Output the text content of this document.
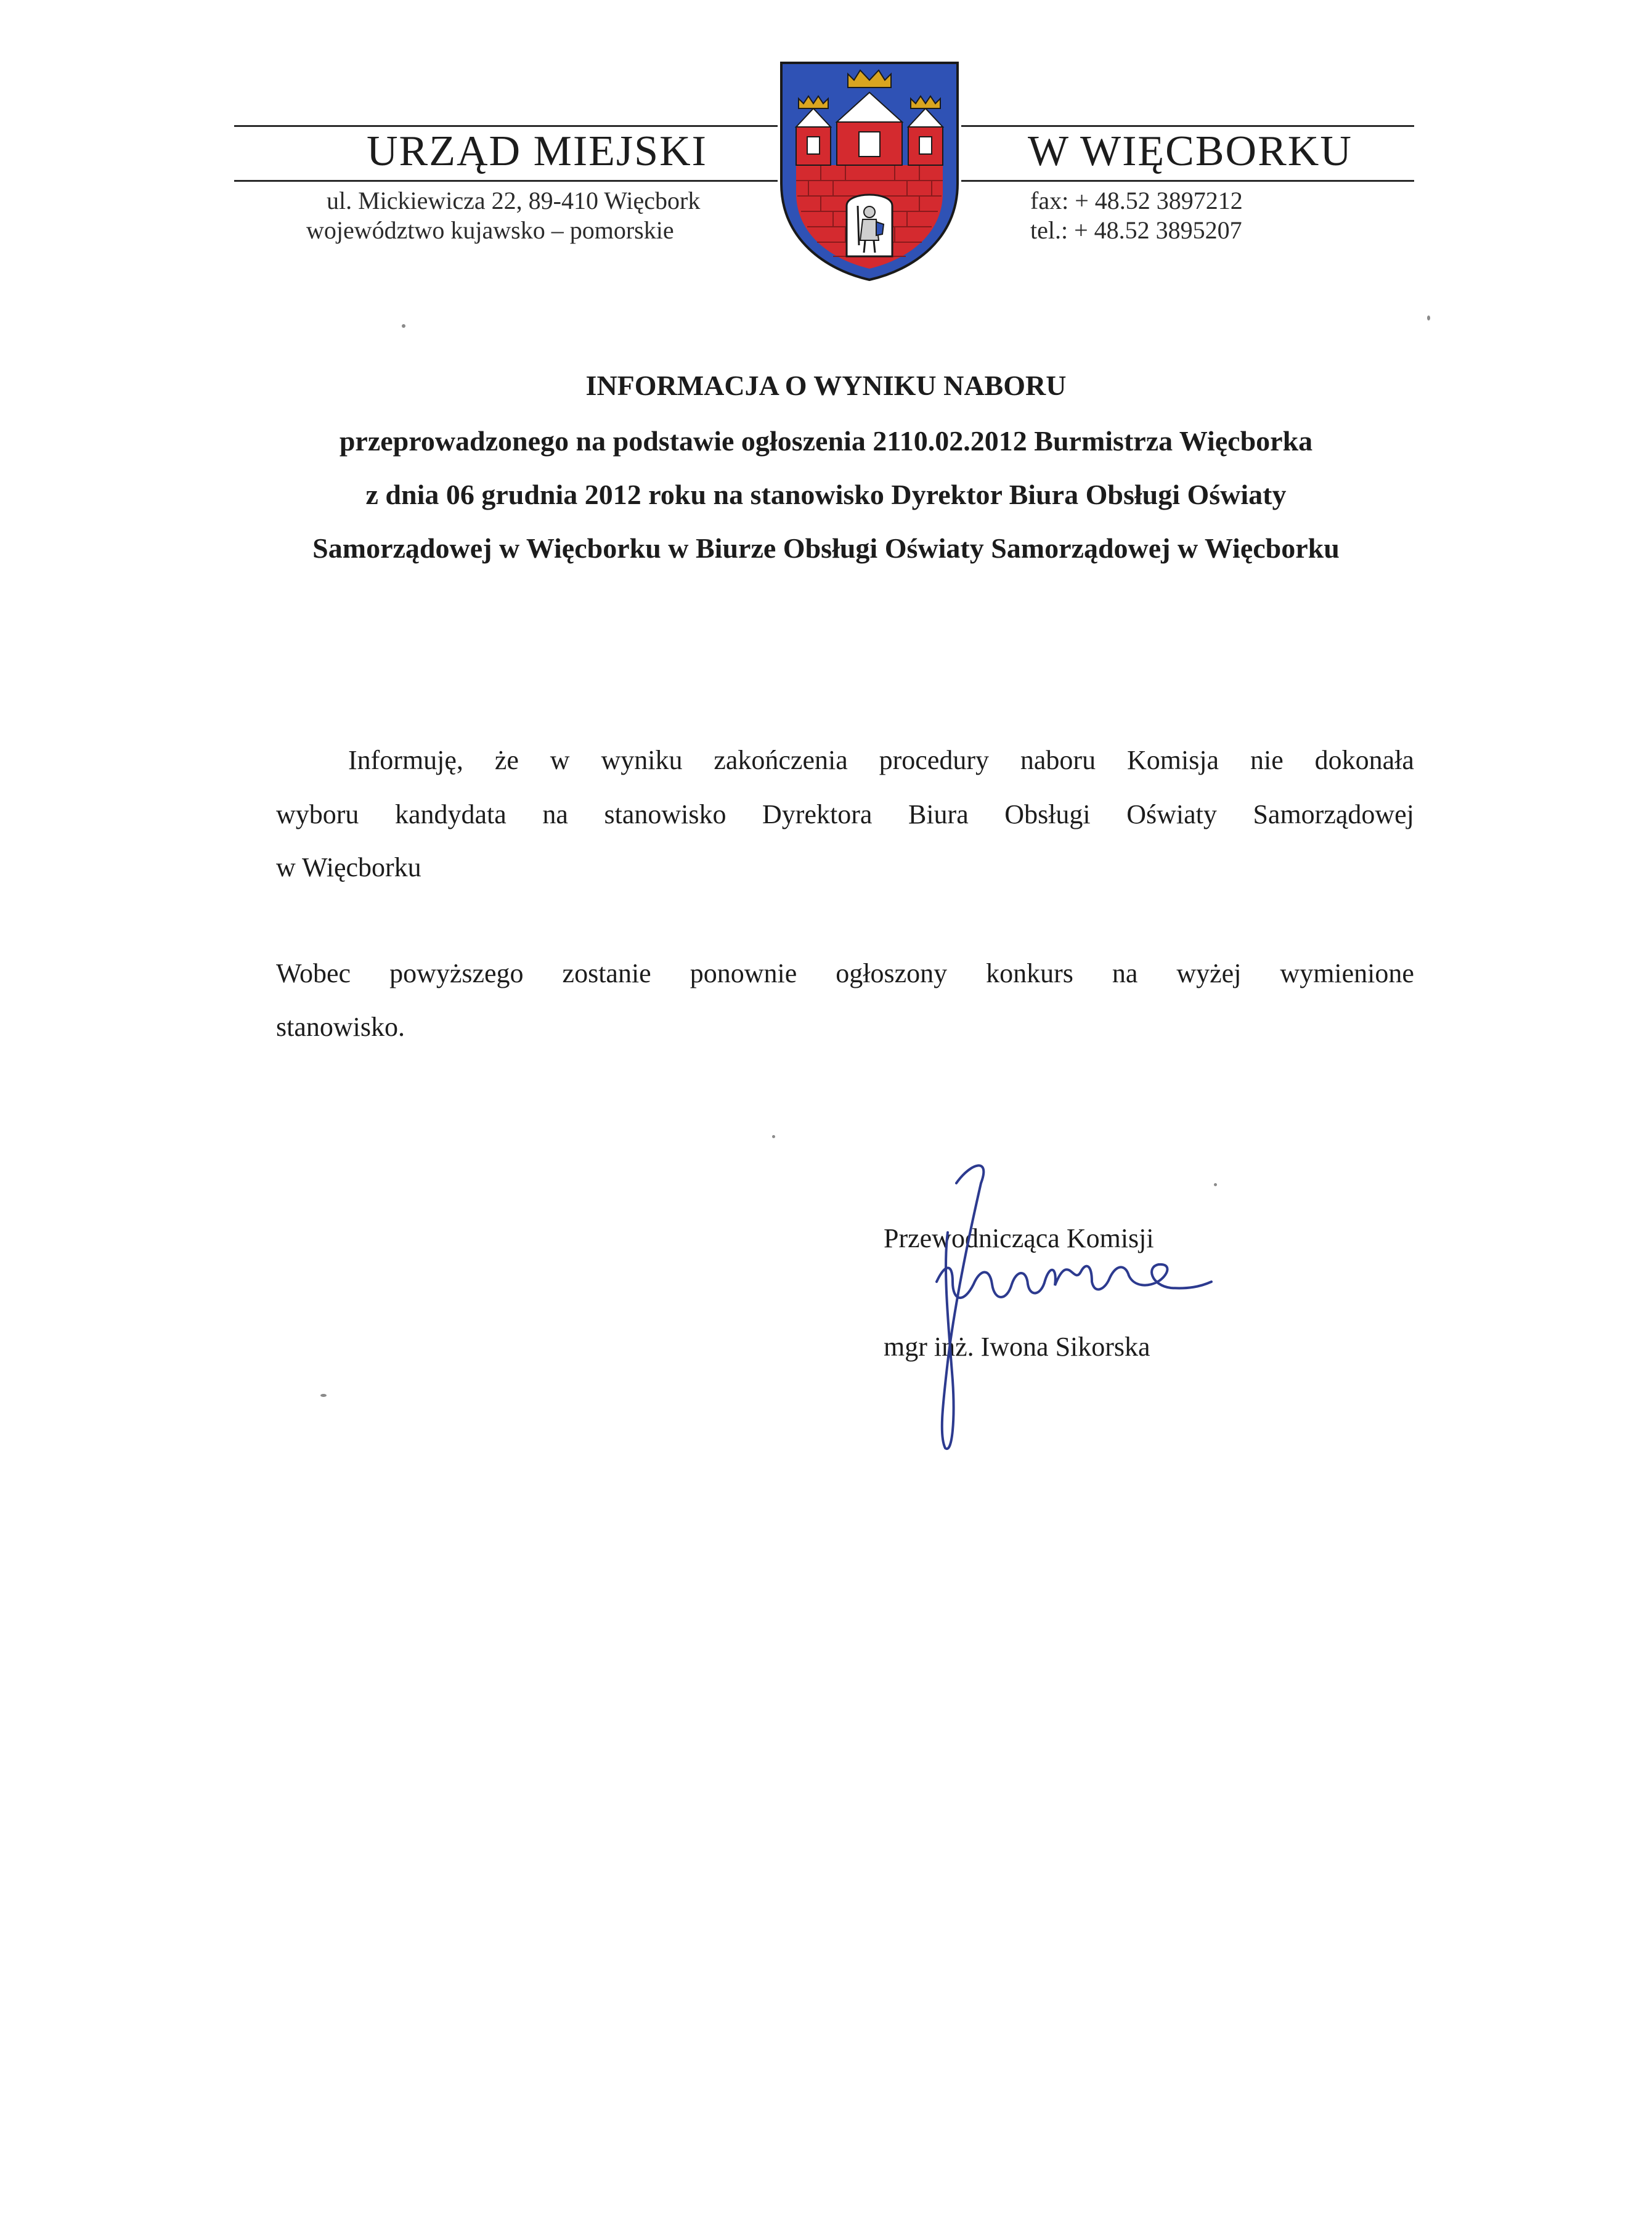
URZĄD MIEJSKI	W WIĘCBORKU
ul. Mickiewicza 22, 89-410 Więcbork
województwo kujawsko – pomorskie
fax: + 48.52 3897212
tel.: + 48.52 3895207
INFORMACJA O WYNIKU NABORU
przeprowadzonego na podstawie ogłoszenia 2110.02.2012 Burmistrza Więcborka
z dnia 06 grudnia 2012 roku na stanowisko Dyrektor Biura Obsługi Oświaty
Samorządowej w Więcborku w Biurze Obsługi Oświaty Samorządowej w Więcborku
Informuję, że w wyniku zakończenia procedury naboru Komisja nie dokonała
wyboru kandydata na stanowisko Dyrektora Biura Obsługi Oświaty Samorządowej
w Więcborku
Wobec powyższego zostanie ponownie ogłoszony konkurs na wyżej wymienione
stanowisko.
Przewodnicząca Komisji
mgr inż. Iwona Sikorska
